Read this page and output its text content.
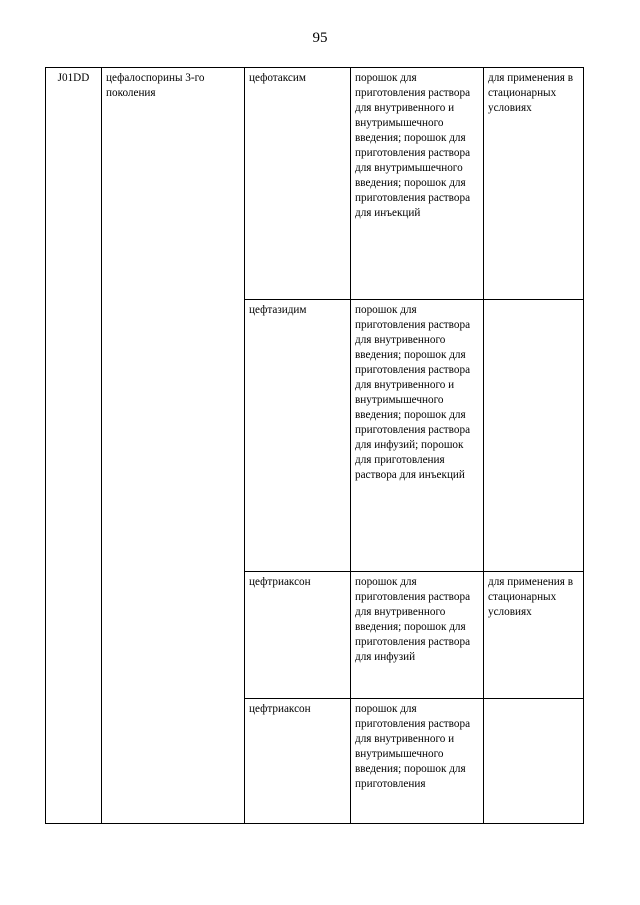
95
J01DD	цефалоспорины 3-го поколения	цефотаксим	порошок для приготовления раствора для внутривенного и внутримышечного введения; порошок для приготовления раствора для внутримышечного введения; порошок для приготовления раствора для инъекций	для применения в стационарных условиях

		цефтазидим	порошок для приготовления раствора для внутривенного введения; порошок для приготовления раствора для внутривенного и внутримышечного введения; порошок для приготовления раствора для инфузий; порошок для приготовления раствора для инъекций	

		цефтриаксон	порошок для приготовления раствора для внутривенного введения; порошок для приготовления раствора для инфузий	для применения в стационарных условиях

		цефтриаксон	порошок для приготовления раствора для внутривенного и внутримышечного введения; порошок для приготовления	
